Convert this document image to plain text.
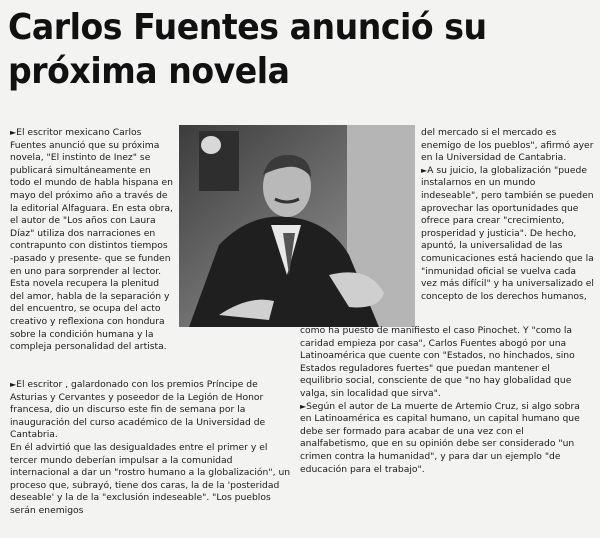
Carlos Fuentes anunció su
próxima novela

►El escritor mexicano Carlos Fuentes anunció que su próxima novela, "El instinto de Inez" se publicará simultáneamente en todo el mundo de habla hispana en mayo del próximo año a través de la editorial Alfaguara. En esta obra, el autor de "Los años con Laura Díaz" utiliza dos narraciones en contrapunto con distintos tiempos -pasado y presente- que se funden en uno para sorprender al lector. Esta novela recupera la plenitud del amor, habla de la separación y del encuentro, se ocupa del acto creativo y reflexiona con hondura sobre la condición humana y la compleja personalidad del artista.

del mercado si el mercado es enemigo de los pueblos", afirmó ayer en la Universidad de Cantabria.

►A su juicio, la globalización "puede instalarnos en un mundo indeseable", pero también se pueden aprovechar las oportunidades que ofrece para crear "crecimiento, prosperidad y justicia". De hecho, apuntó, la universalidad de las comunicaciones está haciendo que la "inmunidad oficial se vuelva cada vez más difícil" y ha universalizado el concepto de los derechos humanos,

como ha puesto de manifiesto el caso Pinochet. Y "como la caridad empieza por casa", Carlos Fuentes abogó por una Latinoamérica que cuente con "Estados, no hinchados, sino Estados reguladores fuertes" que puedan mantener el equilibrio social, consciente de que "no hay globalidad que valga, sin localidad que sirva".

►Según el autor de La muerte de Artemio Cruz, si algo sobra en Latinoamérica es capital humano, un capital humano que debe ser formado para acabar de una vez con el analfabetismo, que en su opinión debe ser considerado "un crimen contra la humanidad", y para dar un ejemplo "de educación para el trabajo".

►El escritor , galardonado con los premios Príncipe de Asturias y Cervantes y poseedor de la Legión de Honor francesa, dio un discurso este fin de semana por la inauguración del curso académico de la Universidad de Cantabria.

En él advirtió que las desigualdades entre el primer y el tercer mundo deberían impulsar a la comunidad internacional a dar un "rostro humano a la globalización", un proceso que, subrayó, tiene dos caras, la de la 'posteridad deseable' y la de la "exclusión indeseable". "Los pueblos serán enemigos
